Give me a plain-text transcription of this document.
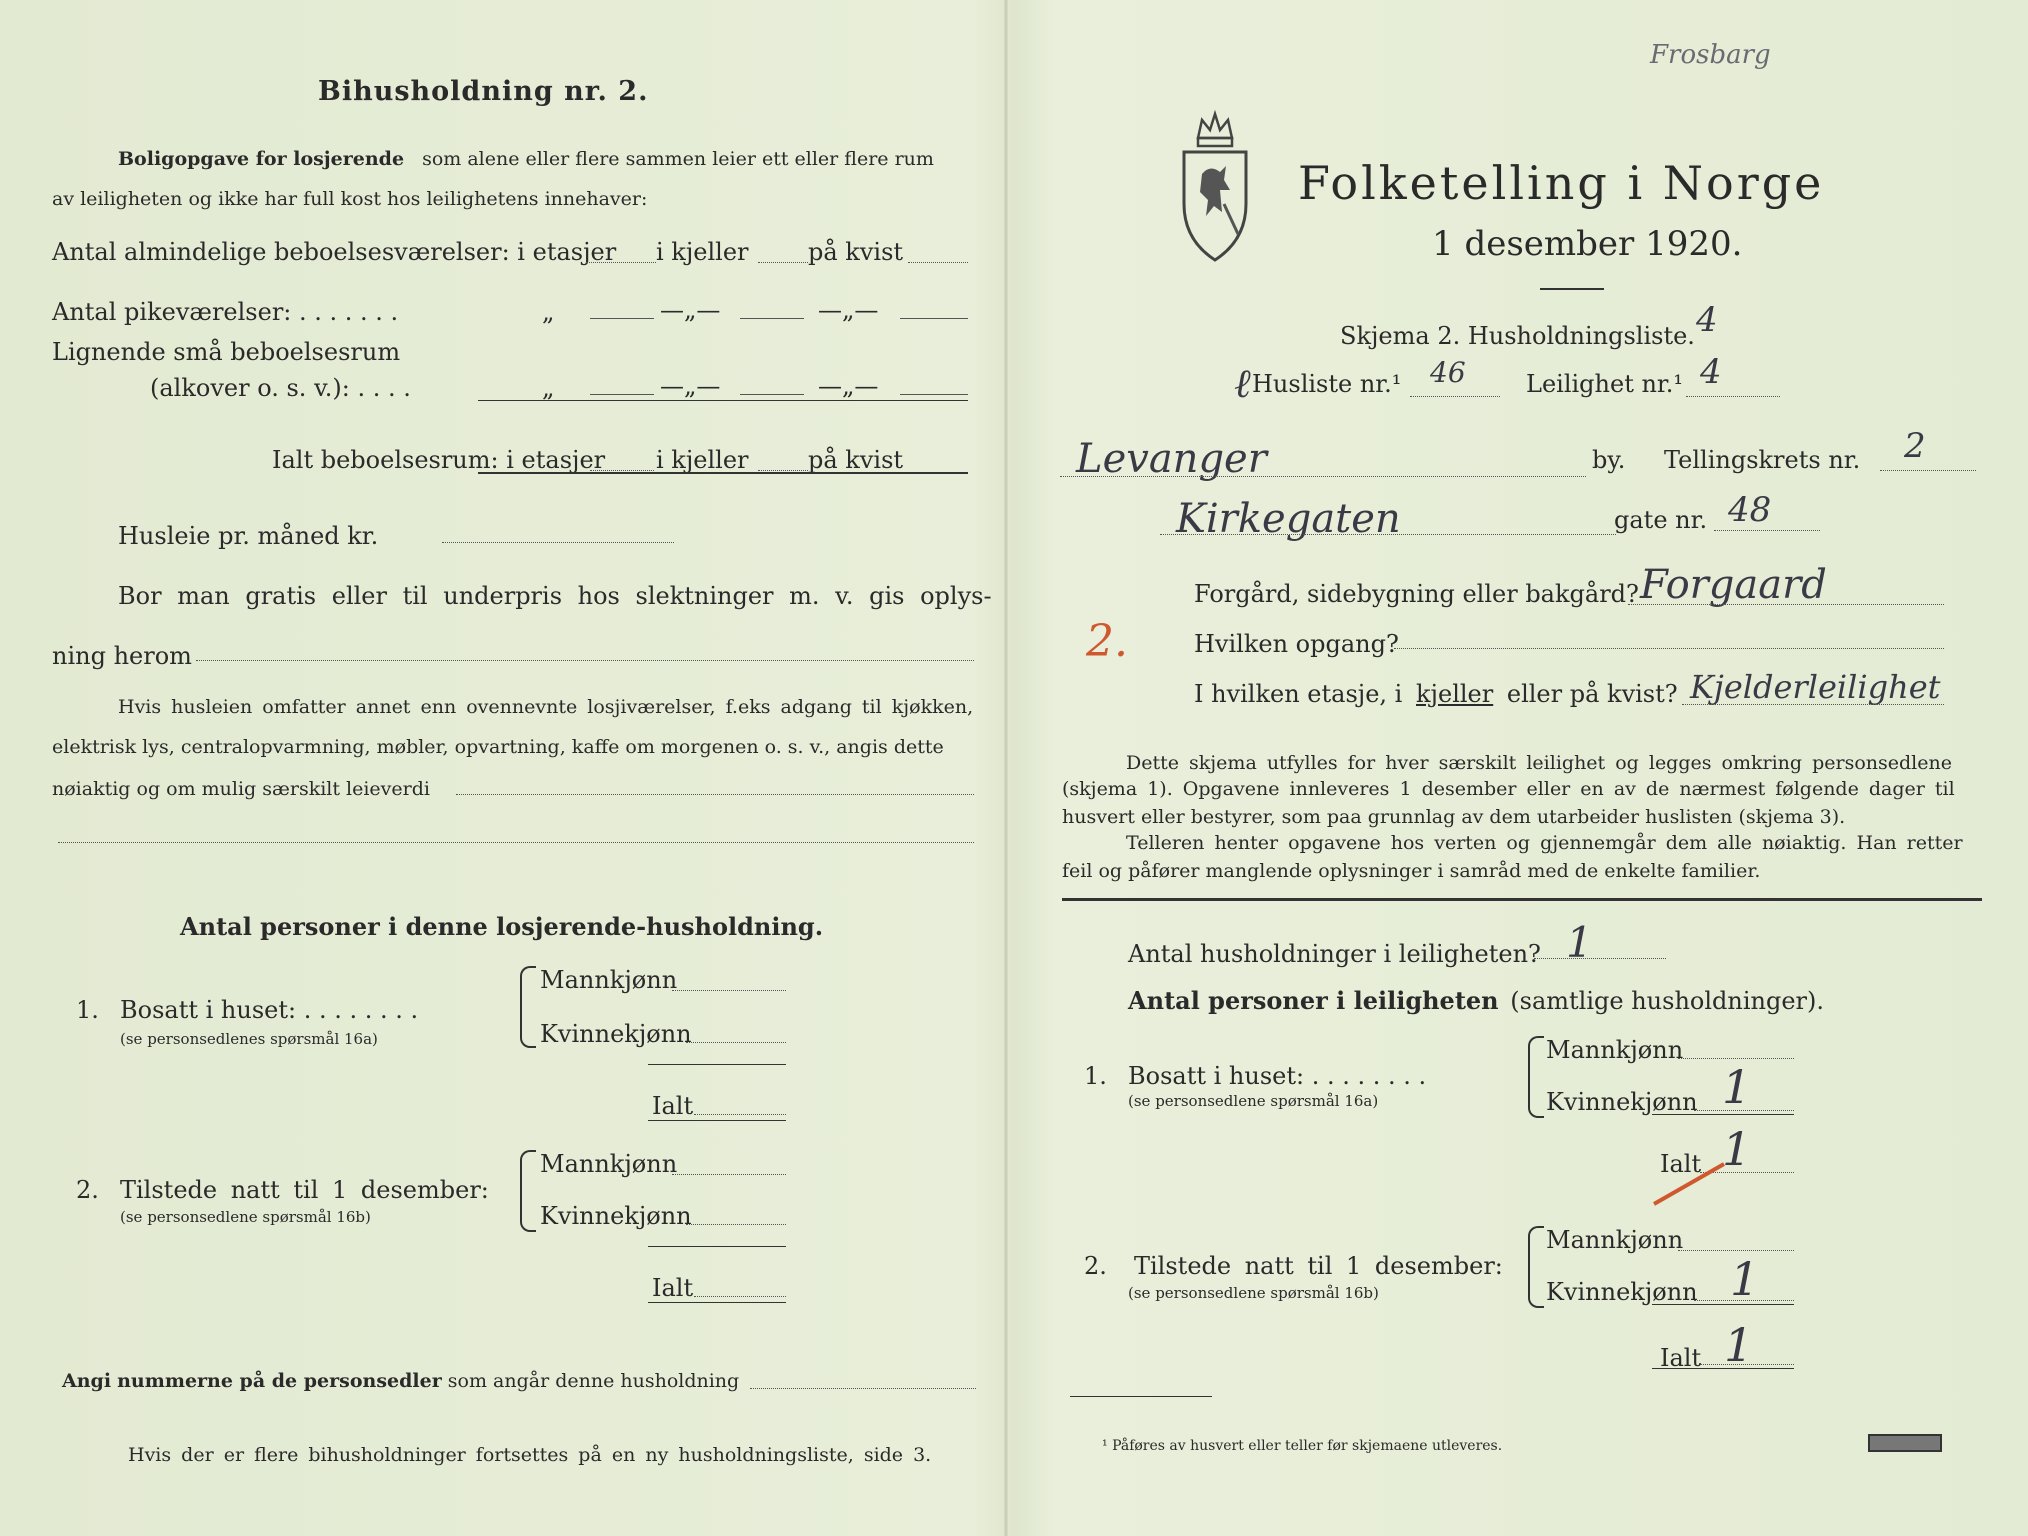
Bihusholdning nr. 2.
Boligopgave for losjerende som alene eller flere sammen leier ett eller flere rum
av leiligheten og ikke har full kost hos leilighetens innehaver:
Antal almindelige beboelsesværelser: i etasjer i kjeller på kvist
Antal pikeværelser: . . . . . . .	„	—„—	—„—
Lignende små beboelsesrum
(alkover o. s. v.): . . . .	„	—„—	—„—
Ialt beboelsesrum: i etasjer i kjeller på kvist
Husleie pr. måned kr.
Bor man gratis eller til underpris hos slektninger m. v. gis oplys-
ning herom
Hvis husleien omfatter annet enn ovennevnte losjiværelser, f.eks adgang til kjøkken,
elektrisk lys, centralopvarmning, møbler, opvartning, kaffe om morgenen o. s. v., angis dette
nøiaktig og om mulig særskilt leieverdi
Antal personer i denne losjerende-husholdning.
1. Bosatt i huset: . . . . . . . .
(se personsedlenes spørsmål 16a)
Mannkjønn
Kvinnekjønn
Ialt
2. Tilstede natt til 1 desember:
(se personsedlene spørsmål 16b)
Mannkjønn
Kvinnekjønn
Ialt
Angi nummerne på de personsedler som angår denne husholdning
Hvis der er flere bihusholdninger fortsettes på en ny husholdningsliste, side 3.
Frosbarg
Folketelling i Norge
1 desember 1920.
Skjema 2. Husholdningsliste. 4
Husliste nr.¹ 46	Leilighet nr.¹ 4
ℓ
Levanger	by. Tellingskrets nr. 2
Kirkegaten	gate nr. 48
Forgård, sidebygning eller bakgård? Forgaard
2.	Hvilken opgang?
I hvilken etasje, i kjeller eller på kvist? Kjelderleilighet
Dette skjema utfylles for hver særskilt leilighet og legges omkring personsedlene
(skjema 1). Opgavene innleveres 1 desember eller en av de nærmest følgende dager til
husvert eller bestyrer, som paa grunnlag av dem utarbeider huslisten (skjema 3).
Telleren henter opgavene hos verten og gjennemgår dem alle nøiaktig. Han retter
feil og påfører manglende oplysninger i samråd med de enkelte familier.
Antal husholdninger i leiligheten? 1
Antal personer i leiligheten (samtlige husholdninger).
1. Bosatt i huset: . . . . . . . .
(se personsedlene spørsmål 16a)
Mannkjønn
Kvinnekjønn 1
Ialt 1
2. Tilstede natt til 1 desember:
(se personsedlene spørsmål 16b)
Mannkjønn
Kvinnekjønn 1
Ialt 1
¹ Påføres av husvert eller teller før skjemaene utleveres.
